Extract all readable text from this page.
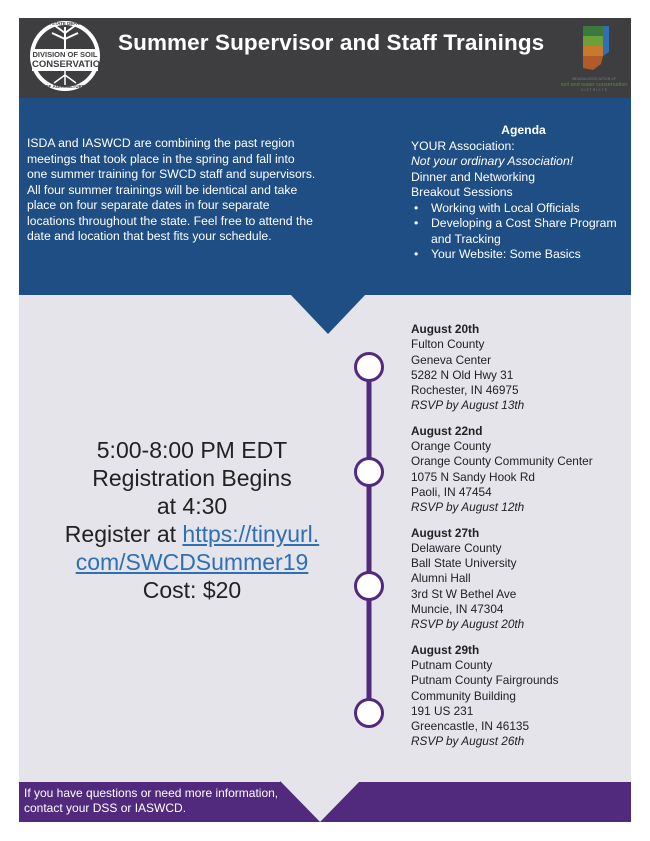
DIVISION OF SOIL
CONSERVATION
INDIANA STATE DEPARTMENT
OF AGRICULTURE
Summer Supervisor and Staff Trainings
INDIANA ASSOCIATION OF
soil and water conservation
D I S T R I C T S
ISDA and IASWCD are combining the past region meetings that took place in the spring and fall into one summer training for SWCD staff and supervisors. All four summer trainings will be identical and take place on four separate dates in four separate locations throughout the state. Feel free to attend the date and location that best fits your schedule.
Agenda
YOUR Association:
Not your ordinary Association!
Dinner and Networking
Breakout Sessions
• Working with Local Officials
• Developing a Cost Share Program and Tracking
• Your Website: Some Basics
5:00-8:00 PM EDT
Registration Begins
at 4:30
Register at https://tinyurl.
com/SWCDSummer19
Cost: $20
August 20th
Fulton County
Geneva Center
5282 N Old Hwy 31
Rochester, IN 46975
RSVP by August 13th
August 22nd
Orange County
Orange County Community Center
1075 N Sandy Hook Rd
Paoli, IN 47454
RSVP by August 12th
August 27th
Delaware County
Ball State University
Alumni Hall
3rd St W Bethel Ave
Muncie, IN 47304
RSVP by August 20th
August 29th
Putnam County
Putnam County Fairgrounds
Community Building
191 US 231
Greencastle, IN 46135
RSVP by August 26th
If you have questions or need more information,
contact your DSS or IASWCD.
